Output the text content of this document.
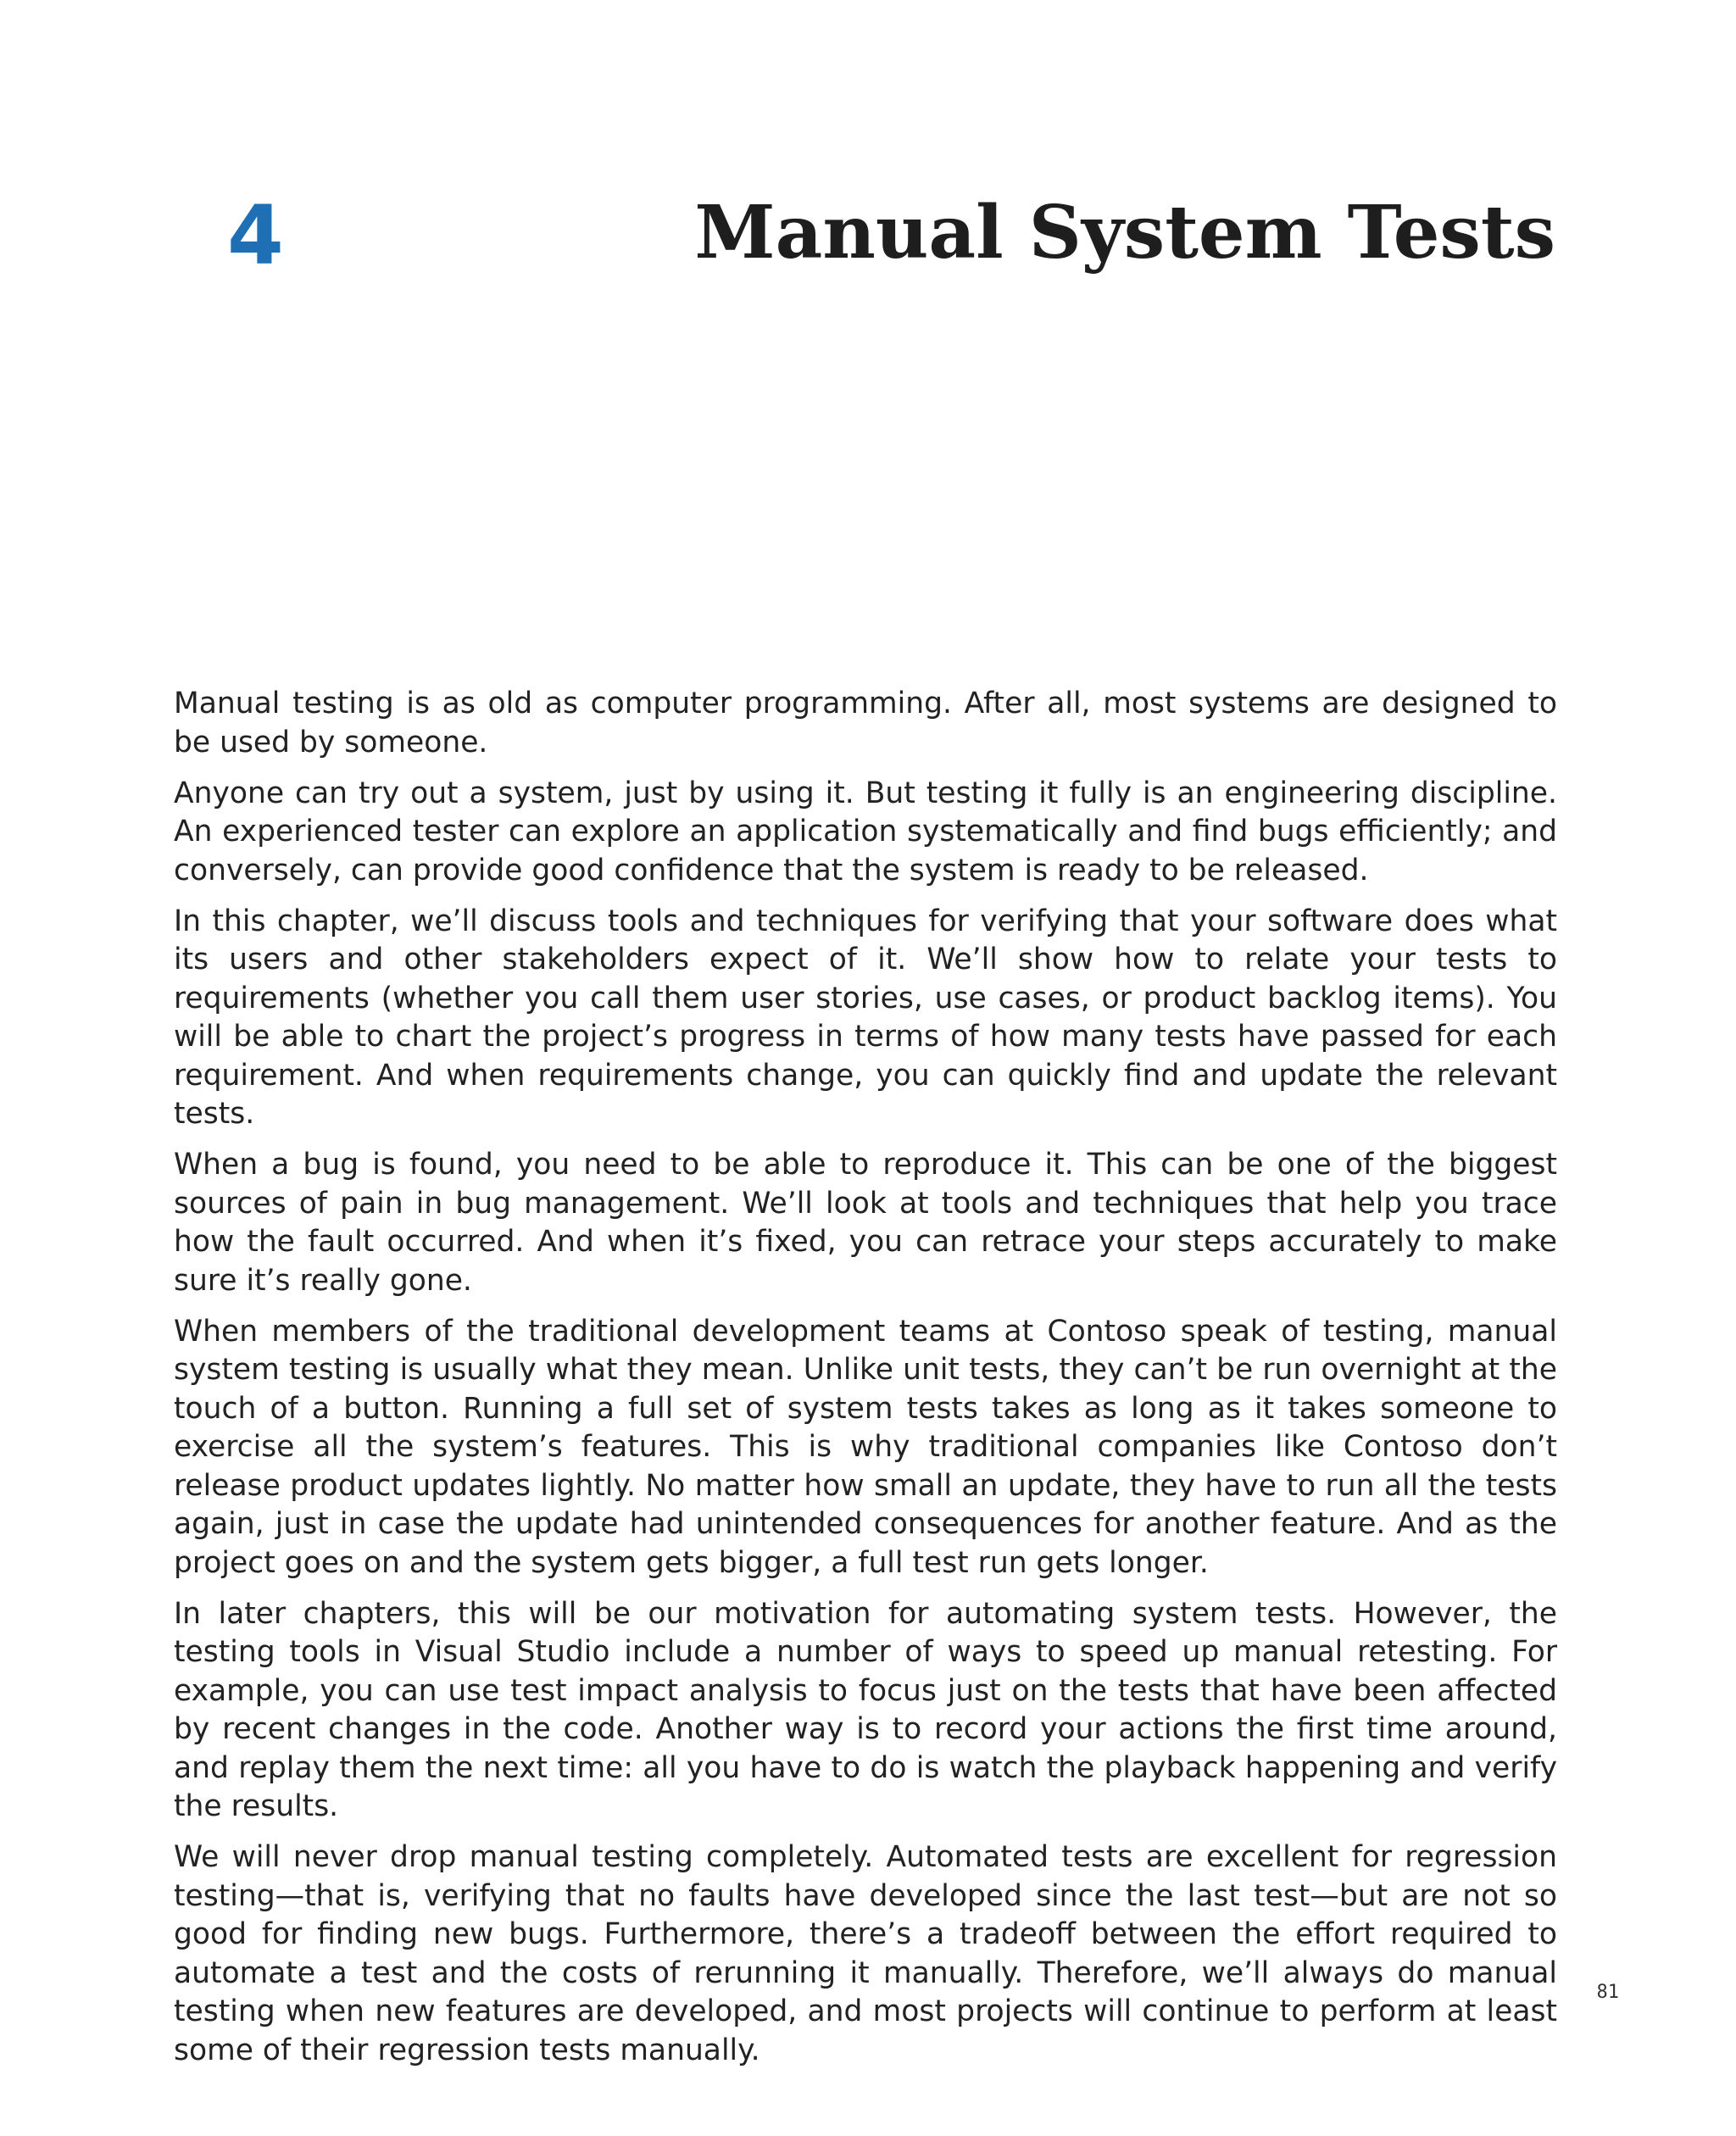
4	Manual System Tests

Manual testing is as old as computer programming. After all, most systems are designed to be used by someone.

Anyone can try out a system, just by using it. But testing it fully is an engineering discipline. An experienced tester can explore an application systematically and find bugs efficiently; and conversely, can provide good confidence that the system is ready to be released.

In this chapter, we’ll discuss tools and techniques for verifying that your software does what its users and other stakeholders expect of it. We’ll show how to relate your tests to requirements (whether you call them user stories, use cases, or product backlog items). You will be able to chart the project’s progress in terms of how many tests have passed for each requirement. And when requirements change, you can quickly find and update the relevant tests.

When a bug is found, you need to be able to reproduce it. This can be one of the biggest sources of pain in bug management. We’ll look at tools and techniques that help you trace how the fault occurred. And when it’s fixed, you can retrace your steps accurately to make sure it’s really gone.

When members of the traditional development teams at Contoso speak of testing, manual system testing is usually what they mean. Unlike unit tests, they can’t be run overnight at the touch of a button. Running a full set of system tests takes as long as it takes someone to exercise all the system’s features. This is why traditional companies like Contoso don’t release product updates lightly. No matter how small an update, they have to run all the tests again, just in case the update had unintended consequences for another feature. And as the project goes on and the system gets bigger, a full test run gets longer.

In later chapters, this will be our motivation for automating system tests. However, the testing tools in Visual Studio include a number of ways to speed up manual retesting. For example, you can use test impact analysis to focus just on the tests that have been affected by recent changes in the code. Another way is to record your actions the first time around, and replay them the next time: all you have to do is watch the playback happening and verify the results.

We will never drop manual testing completely. Automated tests are excellent for regression testing—that is, verifying that no faults have developed since the last test—but are not so good for finding new bugs. Furthermore, there’s a tradeoff between the effort required to automate a test and the costs of rerunning it manually. Therefore, we’ll always do manual testing when new features are developed, and most projects will continue to perform at least some of their regression tests manually.

81
